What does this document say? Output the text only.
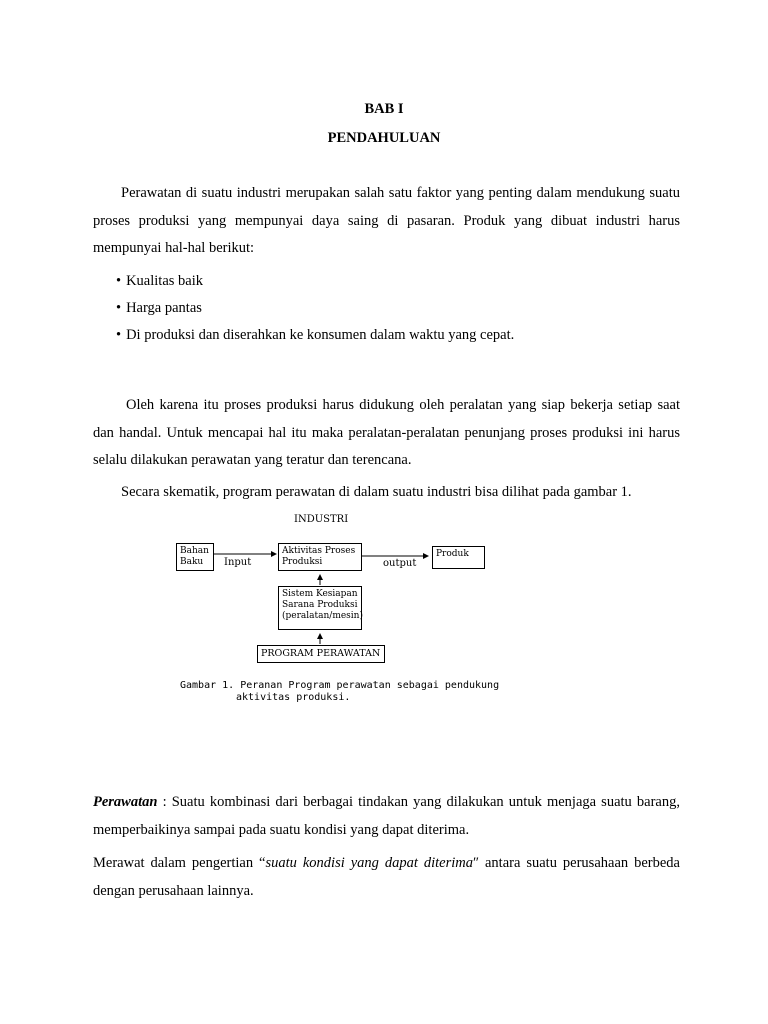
BAB I
PENDAHULUAN
Perawatan di suatu industri merupakan salah satu faktor yang penting dalam mendukung suatu proses produksi yang mempunyai daya saing di pasaran. Produk yang dibuat industri harus mempunyai hal-hal berikut:
• Kualitas baik
• Harga pantas
• Di produksi dan diserahkan ke konsumen dalam waktu yang cepat.
Oleh karena itu proses produksi harus didukung oleh peralatan yang siap bekerja setiap saat dan handal. Untuk mencapai hal itu maka peralatan-peralatan penunjang proses produksi ini harus selalu dilakukan perawatan yang teratur dan terencana.
Secara skematik, program perawatan di dalam suatu industri bisa dilihat pada gambar 1.
INDUSTRI
Bahan
Baku
Aktivitas Proses
Produksi
Produk
Sistem Kesiapan
Sarana Produksi
(peralatan/mesin)
PROGRAM PERAWATAN
Input	output
Gambar 1. Peranan Program perawatan sebagai pendukung
aktivitas produksi.
Perawatan : Suatu kombinasi dari berbagai tindakan yang dilakukan untuk menjaga suatu barang, memperbaikinya sampai pada suatu kondisi yang dapat diterima.
Merawat dalam pengertian “suatu kondisi yang dapat diterima″ antara suatu perusahaan berbeda dengan perusahaan lainnya.
